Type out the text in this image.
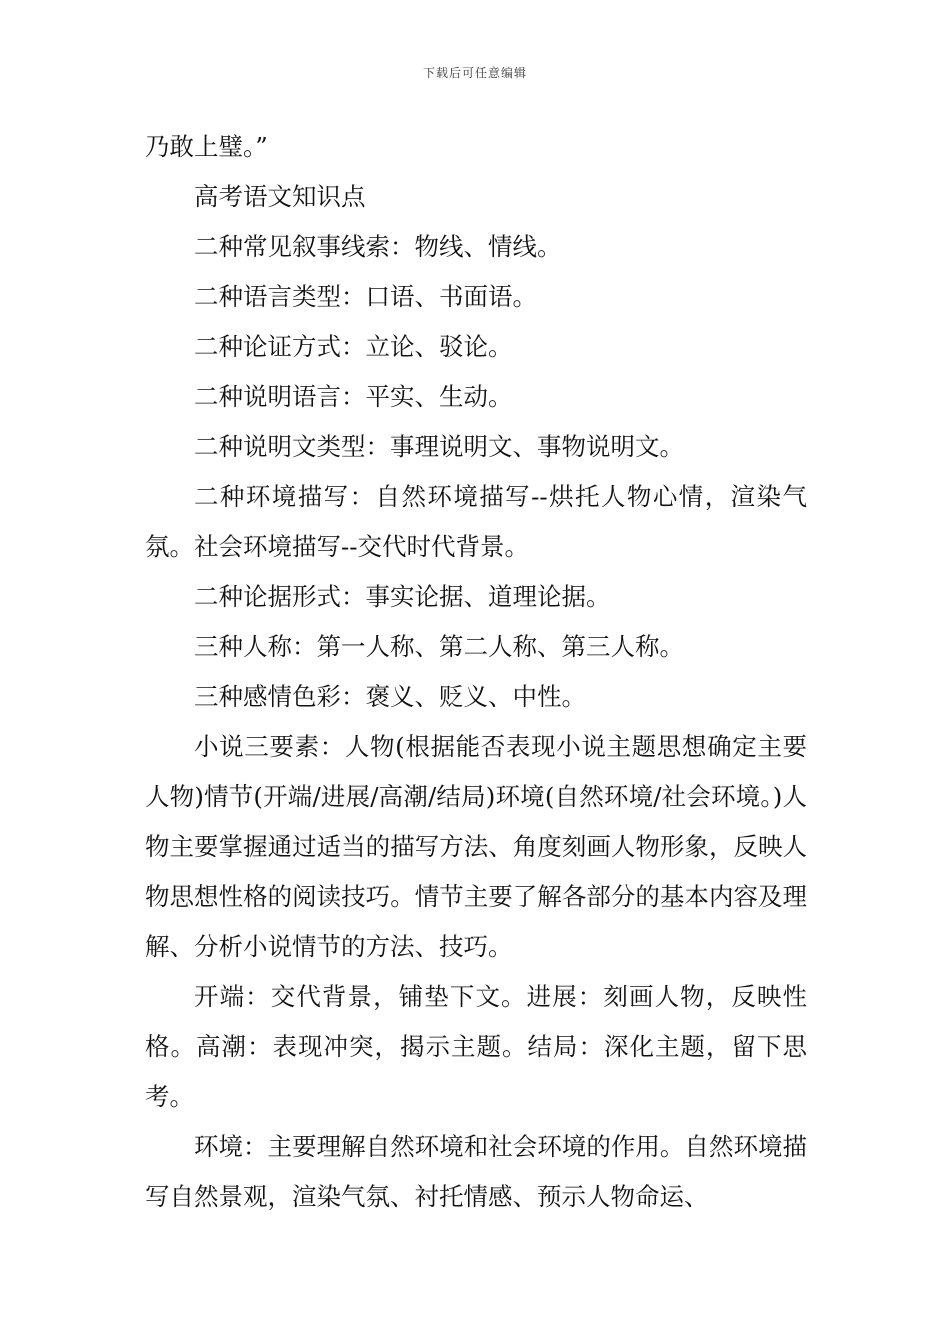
下载后可任意编辑

乃敢上璧。”

高考语文知识点

二种常见叙事线索：物线、情线。

二种语言类型：口语、书面语。

二种论证方式：立论、驳论。

二种说明语言：平实、生动。

二种说明文类型：事理说明文、事物说明文。

二种环境描写：自然环境描写--烘托人物心情，渲染气氛。社会环境描写--交代时代背景。

二种论据形式：事实论据、道理论据。

三种人称：第一人称、第二人称、第三人称。

三种感情色彩：褒义、贬义、中性。

小说三要素：人物(根据能否表现小说主题思想确定主要人物)情节(开端/进展/高潮/结局)环境(自然环境/社会环境。)人物主要掌握通过适当的描写方法、角度刻画人物形象，反映人物思想性格的阅读技巧。情节主要了解各部分的基本内容及理解、分析小说情节的方法、技巧。

开端：交代背景，铺垫下文。进展：刻画人物，反映性格。高潮：表现冲突，揭示主题。结局：深化主题，留下思考。

环境：主要理解自然环境和社会环境的作用。自然环境描写自然景观，渲染气氛、衬托情感、预示人物命运、
